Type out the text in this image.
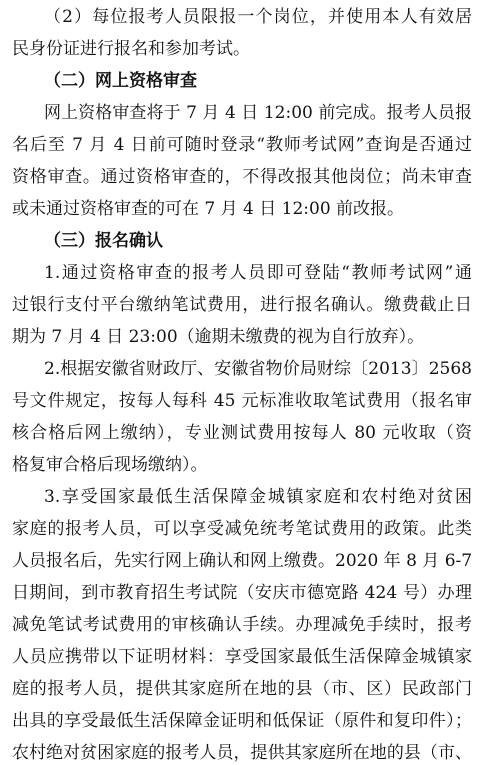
（2）每位报考人员限报一个岗位，并使用本人有效居
民身份证进行报名和参加考试。
（二）网上资格审查
网上资格审查将于 7 月 4 日 12:00 前完成。报考人员报
名后至 7 月 4 日前可随时登录“教师考试网”查询是否通过
资格审查。通过资格审查的，不得改报其他岗位；尚未审查
或未通过资格审查的可在 7 月 4 日 12:00 前改报。
（三）报名确认
1.通过资格审查的报考人员即可登陆“教师考试网”通
过银行支付平台缴纳笔试费用，进行报名确认。缴费截止日
期为 7 月 4 日 23:00（逾期未缴费的视为自行放弃）。
2.根据安徽省财政厅、安徽省物价局财综〔2013〕2568
号文件规定，按每人每科 45 元标准收取笔试费用（报名审
核合格后网上缴纳），专业测试费用按每人 80 元收取（资
格复审合格后现场缴纳）。
3.享受国家最低生活保障金城镇家庭和农村绝对贫困
家庭的报考人员，可以享受减免统考笔试费用的政策。此类
人员报名后，先实行网上确认和网上缴费。2020 年 8 月 6-7
日期间，到市教育招生考试院（安庆市德宽路 424 号）办理
减免笔试考试费用的审核确认手续。办理减免手续时，报考
人员应携带以下证明材料：享受国家最低生活保障金城镇家
庭的报考人员，提供其家庭所在地的县（市、区）民政部门
出具的享受最低生活保障金证明和低保证（原件和复印件）；
农村绝对贫困家庭的报考人员，提供其家庭所在地的县（市、
